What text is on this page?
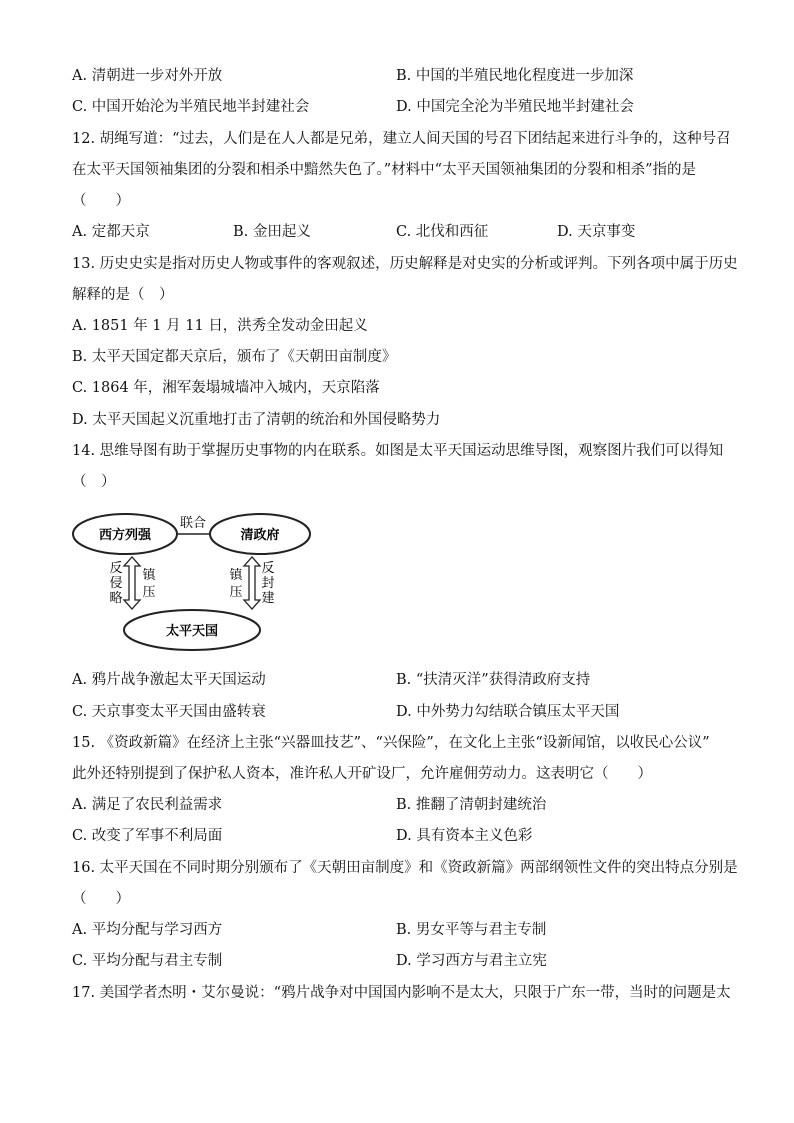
A. 清朝进一步对外开放	B. 中国的半殖民地化程度进一步加深
C. 中国开始沦为半殖民地半封建社会	D. 中国完全沦为半殖民地半封建社会
12. 胡绳写道：“过去，人们是在人人都是兄弟，建立人间天国的号召下团结起来进行斗争的，这种号召
在太平天国领袖集团的分裂和相杀中黯然失色了。”材料中“太平天国领袖集团的分裂和相杀”指的是
（　　）
A. 定都天京	B. 金田起义	C. 北伐和西征	D. 天京事变
13. 历史史实是指对历史人物或事件的客观叙述，历史解释是对史实的分析或评判。下列各项中属于历史
解释的是（　）
A. 1851 年 1 月 11 日，洪秀全发动金田起义
B. 太平天国定都天京后，颁布了《天朝田亩制度》
C. 1864 年，湘军轰塌城墙冲入城内，天京陷落
D. 太平天国起义沉重地打击了清朝的统治和外国侵略势力
14. 思维导图有助于掌握历史事物的内在联系。如图是太平天国运动思维导图，观察图片我们可以得知
（　）
西方列强	清政府
太平天国
联合
反
侵
略
镇
压
镇
压
反
封
建
A. 鸦片战争激起太平天国运动	B. “扶清灭洋”获得清政府支持
C. 天京事变太平天国由盛转衰	D. 中外势力勾结联合镇压太平天国
15. 《资政新篇》在经济上主张“兴器皿技艺”、“兴保险”，在文化上主张“设新闻馆，以收民心公议”
此外还特别提到了保护私人资本，准许私人开矿设厂，允许雇佣劳动力。这表明它（　　）
A. 满足了农民利益需求	B. 推翻了清朝封建统治
C. 改变了军事不利局面	D. 具有资本主义色彩
16. 太平天国在不同时期分别颁布了《天朝田亩制度》和《资政新篇》两部纲领性文件的突出特点分别是
（　　）
A. 平均分配与学习西方	B. 男女平等与君主专制
C. 平均分配与君主专制	D. 学习西方与君主立宪
17. 美国学者杰明・艾尔曼说：“鸦片战争对中国国内影响不是太大，只限于广东一带，当时的问题是太
